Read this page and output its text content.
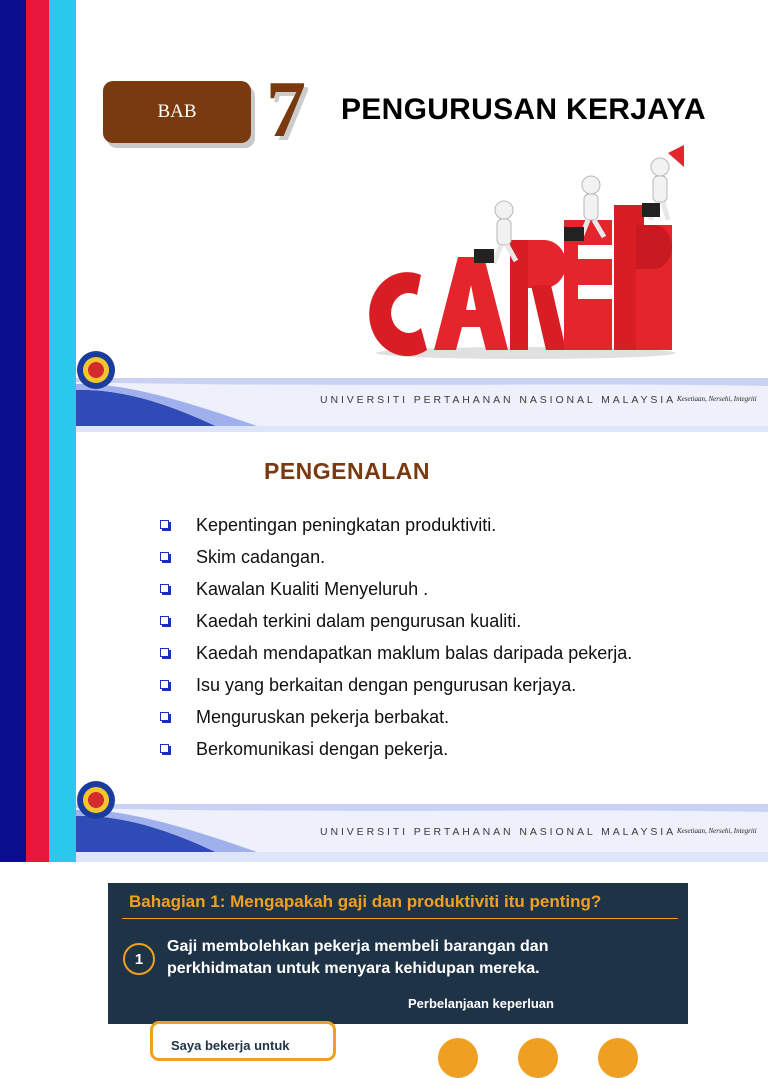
BAB 7 PENGURUSAN KERJAYA
UNIVERSITI PERTAHANAN NASIONAL MALAYSIA Kesetiaan, Nersehi, Integriti
PENGENALAN
Kepentingan peningkatan produktiviti.
Skim cadangan.
Kawalan Kualiti Menyeluruh .
Kaedah terkini dalam pengurusan kualiti.
Kaedah mendapatkan maklum balas daripada pekerja.
Isu yang berkaitan dengan pengurusan kerjaya.
Menguruskan pekerja berbakat.
Berkomunikasi dengan pekerja.
UNIVERSITI PERTAHANAN NASIONAL MALAYSIA Kesetiaan, Nersehi, Integriti
Bahagian 1: Mengapakah gaji dan produktiviti itu penting?
1
Gaji membolehkan pekerja membeli barangan dan perkhidmatan untuk menyara kehidupan mereka.
Perbelanjaan keperluan
Saya bekerja untuk
